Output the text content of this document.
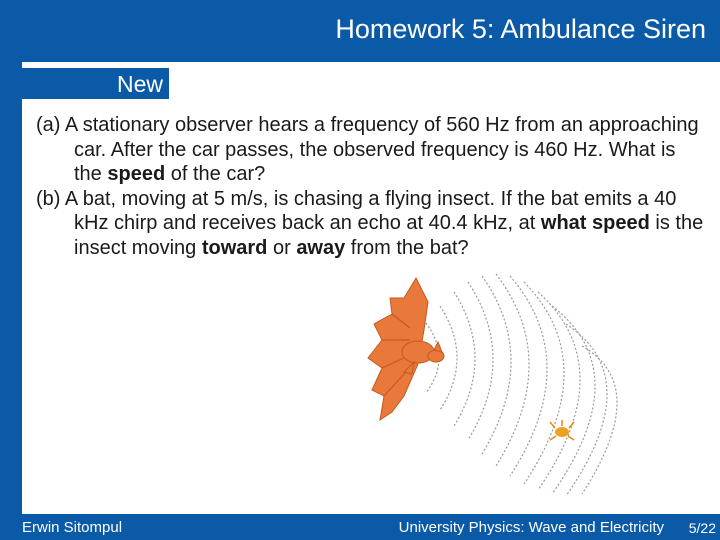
Homework 5: Ambulance Siren
New
(a) A stationary observer hears a frequency of 560 Hz from an approaching car. After the car passes, the observed frequency is 460 Hz. What is the speed of the car?
(b) A bat, moving at 5 m/s, is chasing a flying insect. If the bat emits a 40 kHz chirp and receives back an echo at 40.4 kHz, at what speed is the insect moving toward or away from the bat?
Erwin Sitompul	University Physics: Wave and Electricity 5/22
